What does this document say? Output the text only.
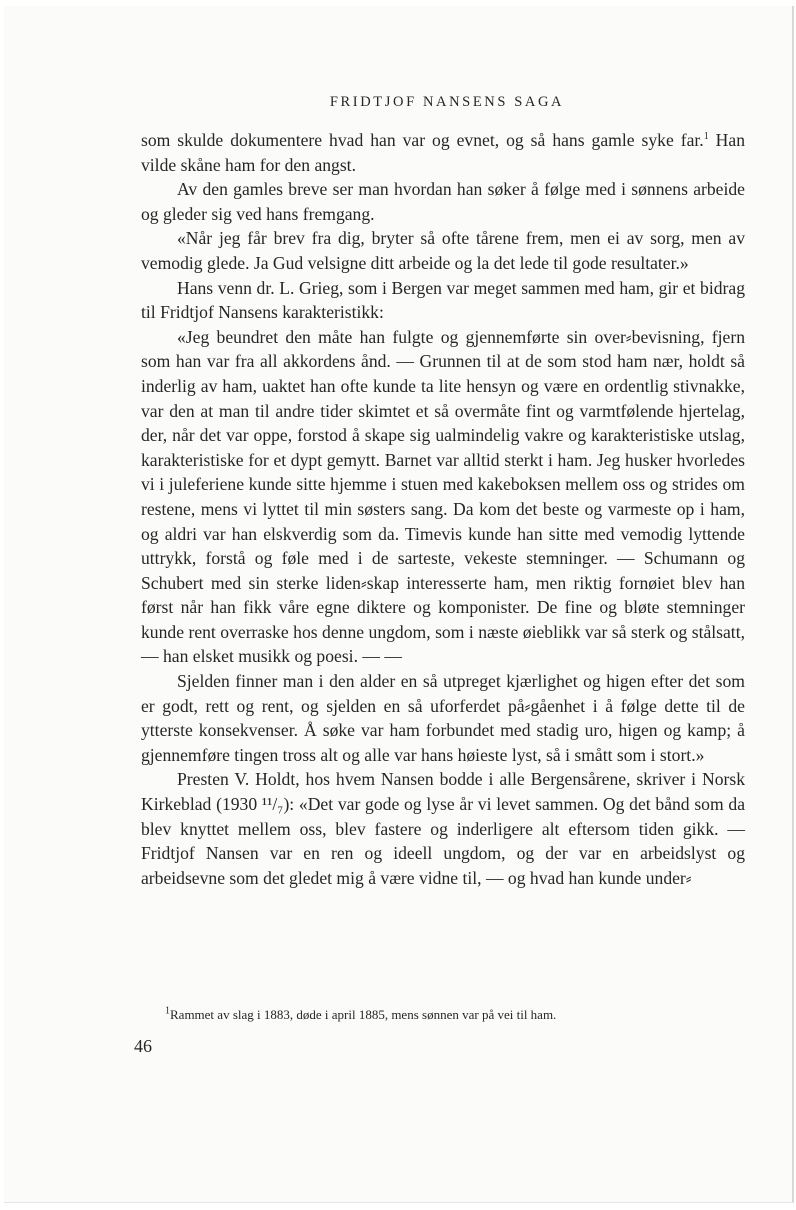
FRIDTJOF NANSENS SAGA

som skulde dokumentere hvad han var og evnet, og så hans gamle syke far.$^1$ Han vilde skåne ham for den angst.

Av den gamles breve ser man hvordan han søker å følge med i sønnens arbeide og gleder sig ved hans fremgang.

«Når jeg får brev fra dig, bryter så ofte tårene frem, men ei av sorg, men av vemodig glede. Ja Gud velsigne ditt arbeide og la det lede til gode resultater.»

Hans venn dr. L. Grieg, som i Bergen var meget sammen med ham, gir et bidrag til Fridtjof Nansens karakteristikk:

«Jeg beundret den måte han fulgte og gjennemførte sin over⸗bevisning, fjern som han var fra all akkordens ånd. — Grunnen til at de som stod ham nær, holdt så inderlig av ham, uaktet han ofte kunde ta lite hensyn og være en ordentlig stivnakke, var den at man til andre tider skimtet et så overmåte fint og varmtfølende hjertelag, der, når det var oppe, forstod å skape sig ualmindelig vakre og karakteristiske utslag, karakteristiske for et dypt gemytt. Barnet var alltid sterkt i ham. Jeg husker hvorledes vi i juleferiene kunde sitte hjemme i stuen med kakeboksen mellem oss og strides om restene, mens vi lyttet til min søsters sang. Da kom det beste og varmeste op i ham, og aldri var han elskverdig som da. Timevis kunde han sitte med vemodig lyttende uttrykk, forstå og føle med i de sarteste, vekeste stemninger. — Schumann og Schubert med sin sterke liden⸗skap interesserte ham, men riktig fornøiet blev han først når han fikk våre egne diktere og komponister. De fine og bløte stemninger kunde rent overraske hos denne ungdom, som i næste øieblikk var så sterk og stålsatt, — han elsket musikk og poesi. — —

Sjelden finner man i den alder en så utpreget kjærlighet og higen efter det som er godt, rett og rent, og sjelden en så uforferdet på⸗gåenhet i å følge dette til de ytterste konsekvenser. Å søke var ham forbundet med stadig uro, higen og kamp; å gjennemføre tingen tross alt og alle var hans høieste lyst, så i smått som i stort.»

Presten V. Holdt, hos hvem Nansen bodde i alle Bergensårene, skriver i Norsk Kirkeblad (1930 ¹¹/₇): «Det var gode og lyse år vi levet sammen. Og det bånd som da blev knyttet mellem oss, blev fastere og inderligere alt eftersom tiden gikk. — Fridtjof Nansen var en ren og ideell ungdom, og der var en arbeidslyst og arbeidsevne som det gledet mig å være vidne til, — og hvad han kunde under⸗

$^1$Rammet av slag i 1883, døde i april 1885, mens sønnen var på vei til ham.
46
